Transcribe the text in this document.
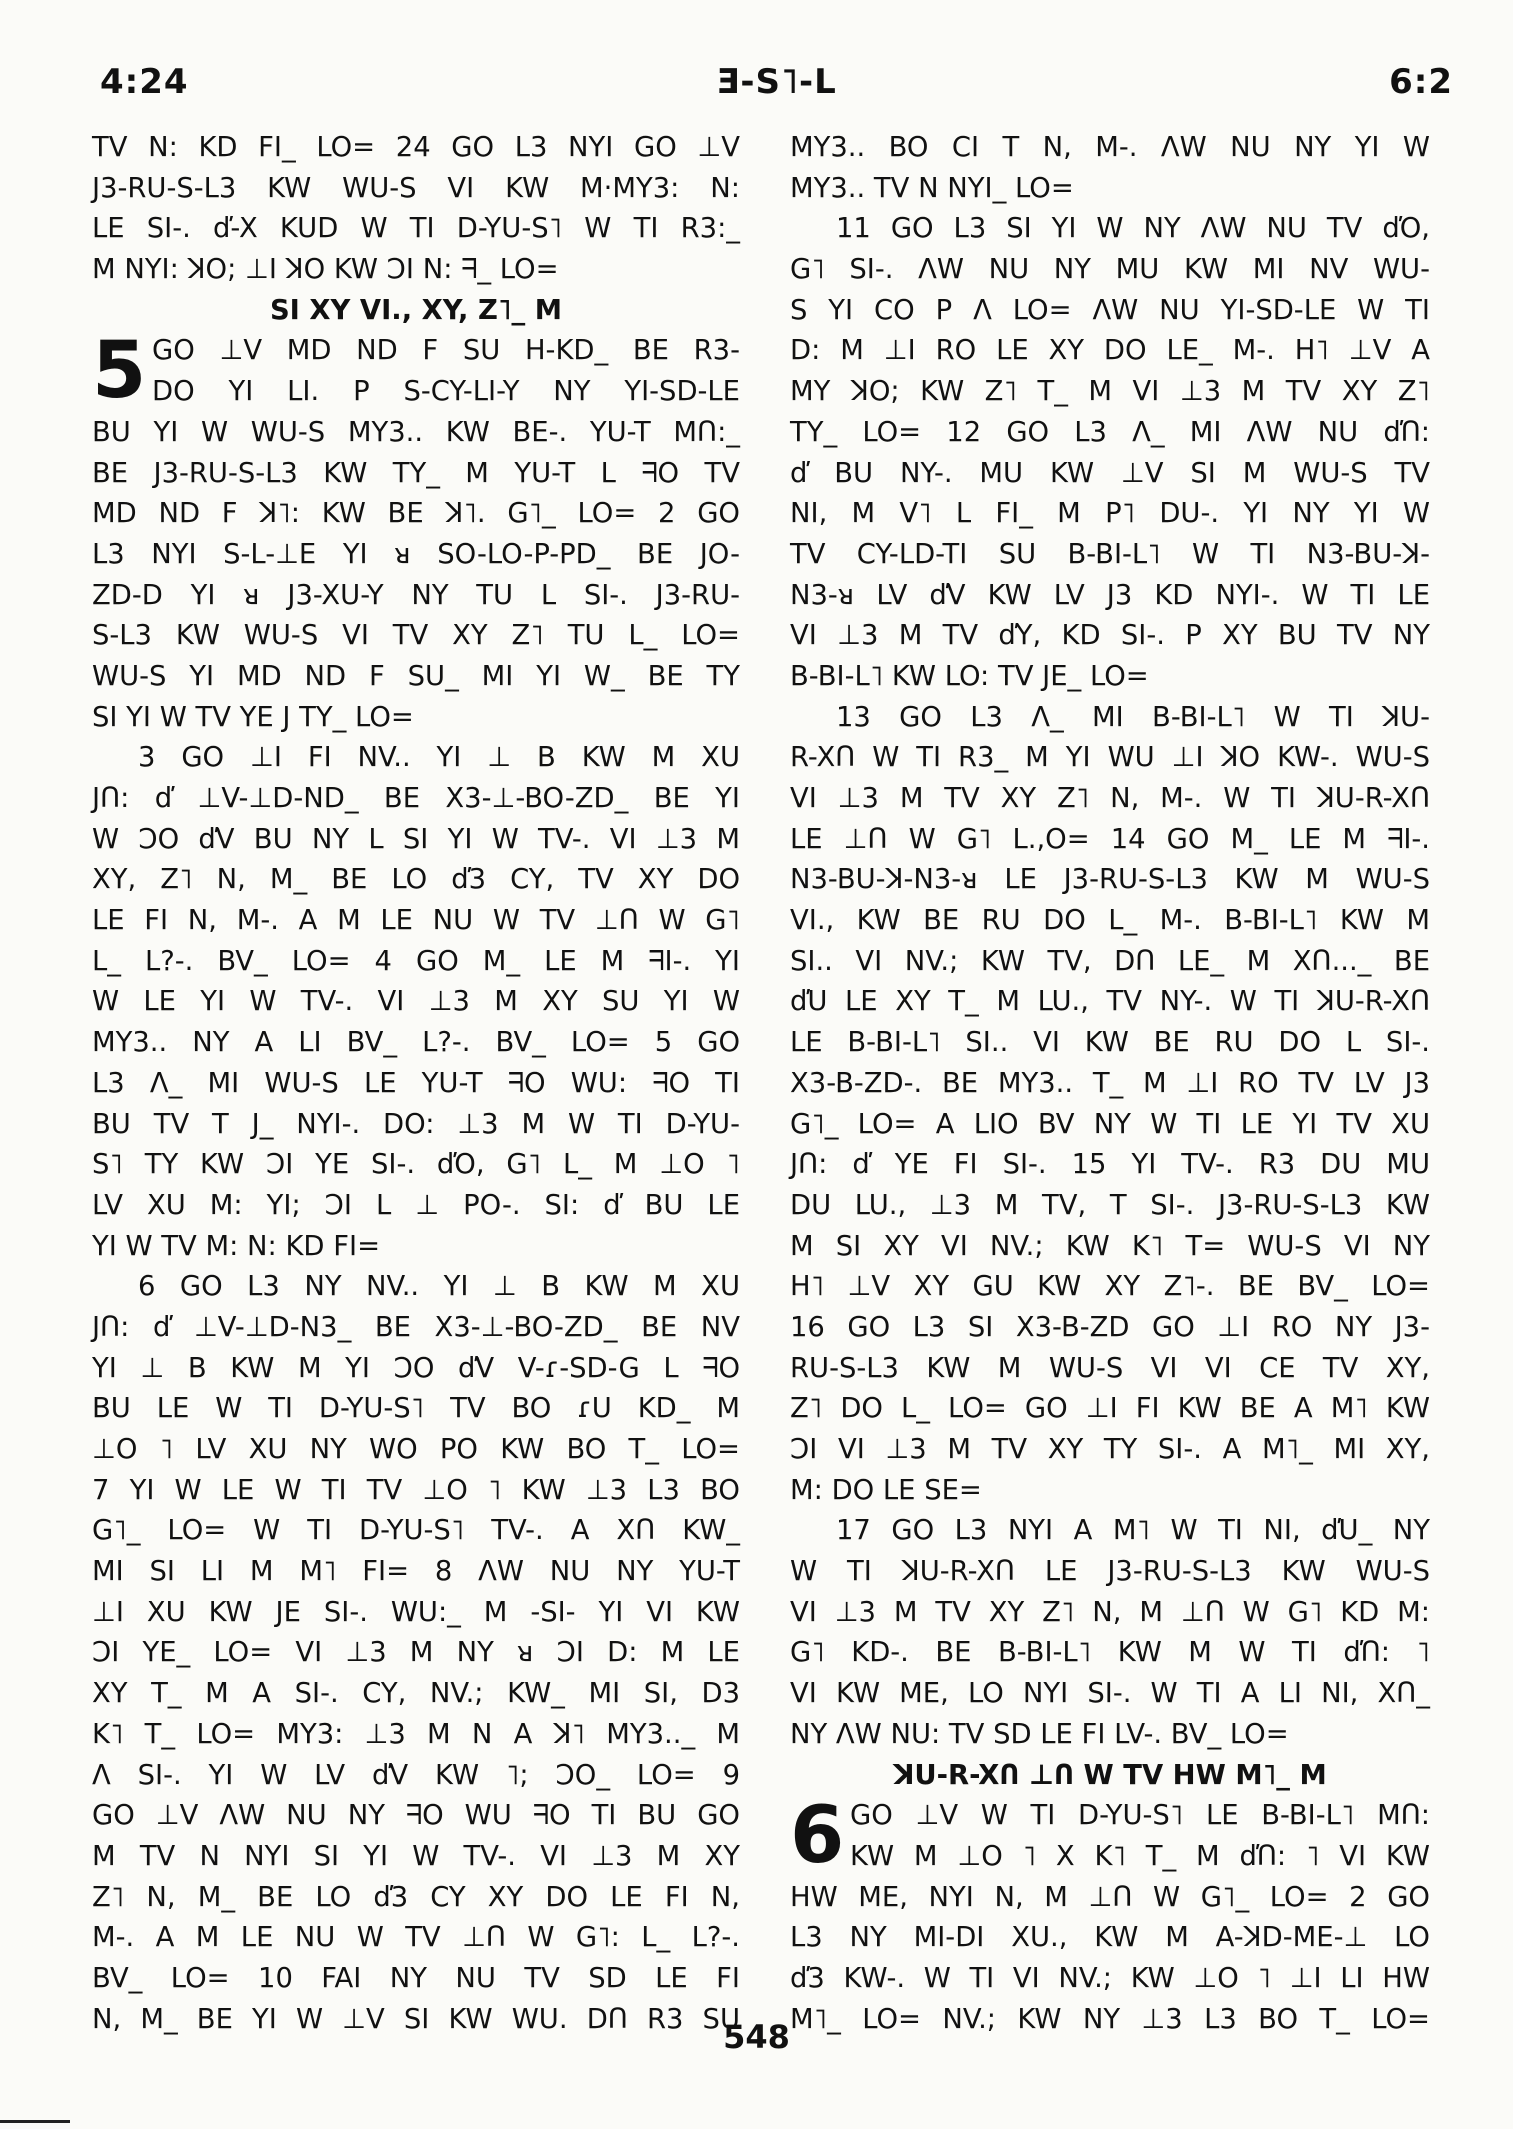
4:24	Ǝ-S˥-L	6:2
TV N: KD FI_ LO= 24 GO L3 NYI GO ⊥V
J3-RU-S-L3 KW WU-S VI KW M·MY3: N:
LE SI-. ď-X KUD W TI D-YU-S˥ W TI R3:_
M NYI: ꓘO; ⊥I ꓘO KW ƆI N: ᖷ_ LO=
SI XY VI., XY, Z˥_ M
5 GO ⊥V MD ND F SU H-KD_ BE R3-
DO YI LI. P S-CY-LI-Y NY YI-SD-LE
BU YI W WU-S MY3.. KW BE-. YU-T MՈ:_
BE J3-RU-S-L3 KW TY_ M YU-T L ᖷO TV
MD ND F ꓘ˥: KW BE ꓘ˥. G˥_ LO= 2 GO
L3 NYI S-L-⊥E YI ᴚ SO-LO-P-PD_ BE JO-
ZD-D YI ᴚ J3-XU-Y NY TU L SI-. J3-RU-
S-L3 KW WU-S VI TV XY Z˥ TU L_ LO=
WU-S YI MD ND F SU_ MI YI W_ BE TY
SI YI W TV YE J TY_ LO=
3 GO ⊥I FI NV.. YI ⊥ B KW M XU
JՈ: ď ⊥V-⊥D-ND_ BE X3-⊥-BO-ZD_ BE YI
W ƆO ďV BU NY L SI YI W TV-. VI ⊥3 M
XY, Z˥ N, M_ BE LO ď3 CY, TV XY DO
LE FI N, M-. A M LE NU W TV ⊥Ո W G˥
L_ L?-. BV_ LO= 4 GO M_ LE M ᖷI-. YI
W LE YI W TV-. VI ⊥3 M XY SU YI W
MY3.. NY A LI BV_ L?-. BV_ LO= 5 GO
L3 Λ_ MI WU-S LE YU-T ᖷO WU: ᖷO TI
BU TV T J_ NYI-. DO: ⊥3 M W TI D-YU-
S˥ TY KW ƆI YE SI-. ďO, G˥ L_ M ⊥O ˥
LV XU M: YI; ƆI L ⊥ PO-. SI: ď BU LE
YI W TV M: N: KD FI=
6 GO L3 NY NV.. YI ⊥ B KW M XU
JՈ: ď ⊥V-⊥D-N3_ BE X3-⊥-BO-ZD_ BE NV
YI ⊥ B KW M YI ƆO ďV V-ɾ-SD-G L ᖷO
BU LE W TI D-YU-S˥ TV BO ɾU KD_ M
⊥O ˥ LV XU NY WO PO KW BO T_ LO=
7 YI W LE W TI TV ⊥O ˥ KW ⊥3 L3 BO
G˥_ LO= W TI D-YU-S˥ TV-. A XՈ KW_
MI SI LI M M˥ FI= 8 ΛW NU NY YU-T
⊥I XU KW JE SI-. WU:_ M -SI- YI VI KW
ƆI YE_ LO= VI ⊥3 M NY ᴚ ƆI D: M LE
XY T_ M A SI-. CY, NV.; KW_ MI SI, D3
K˥ T_ LO= MY3: ⊥3 M N A ꓘ˥ MY3.._ M
Λ SI-. YI W LV ďV KW ˥; ƆO_ LO= 9
GO ⊥V ΛW NU NY ᖷO WU ᖷO TI BU GO
M TV N NYI SI YI W TV-. VI ⊥3 M XY
Z˥ N, M_ BE LO ď3 CY XY DO LE FI N,
M-. A M LE NU W TV ⊥Ո W G˥: L_ L?-.
BV_ LO= 10 FAI NY NU TV SD LE FI
N, M_ BE YI W ⊥V SI KW WU. DՈ R3 SU
MY3.. BO CI T N, M-. ΛW NU NY YI W
MY3.. TV N NYI_ LO=
11 GO L3 SI YI W NY ΛW NU TV ďO,
G˥ SI-. ΛW NU NY MU KW MI NV WU-
S YI CO P Λ LO= ΛW NU YI-SD-LE W TI
D: M ⊥I RO LE XY DO LE_ M-. H˥ ⊥V A
MY ꓘO; KW Z˥ T_ M VI ⊥3 M TV XY Z˥
TY_ LO= 12 GO L3 Λ_ MI ΛW NU ďՈ:
ď BU NY-. MU KW ⊥V SI M WU-S TV
NI, M V˥ L FI_ M P˥ DU-. YI NY YI W
TV CY-LD-TI SU B-BI-L˥ W TI N3-BU-ꓘ-
N3-ᴚ LV ďV KW LV J3 KD NYI-. W TI LE
VI ⊥3 M TV ďY, KD SI-. P XY BU TV NY
B-BI-L˥ KW LO: TV JE_ LO=
13 GO L3 Λ_ MI B-BI-L˥ W TI ꓘU-
R-XՈ W TI R3_ M YI WU ⊥I ꓘO KW-. WU-S
VI ⊥3 M TV XY Z˥ N, M-. W TI ꓘU-R-XՈ
LE ⊥Ո W G˥ L.,O= 14 GO M_ LE M ᖷI-.
N3-BU-ꓘ-N3-ᴚ LE J3-RU-S-L3 KW M WU-S
VI., KW BE RU DO L_ M-. B-BI-L˥ KW M
SI.. VI NV.; KW TV, DՈ LE_ M XՈ..._ BE
ďU LE XY T_ M LU., TV NY-. W TI ꓘU-R-XՈ
LE B-BI-L˥ SI.. VI KW BE RU DO L SI-.
X3-B-ZD-. BE MY3.. T_ M ⊥I RO TV LV J3
G˥_ LO= A LIO BV NY W TI LE YI TV XU
JՈ: ď YE FI SI-. 15 YI TV-. R3 DU MU
DU LU., ⊥3 M TV, T SI-. J3-RU-S-L3 KW
M SI XY VI NV.; KW K˥ T= WU-S VI NY
H˥ ⊥V XY GU KW XY Z˥-. BE BV_ LO=
16 GO L3 SI X3-B-ZD GO ⊥I RO NY J3-
RU-S-L3 KW M WU-S VI VI CE TV XY,
Z˥ DO L_ LO= GO ⊥I FI KW BE A M˥ KW
ƆI VI ⊥3 M TV XY TY SI-. A M˥_ MI XY,
M: DO LE SE=
17 GO L3 NYI A M˥ W TI NI, ďU_ NY
W TI ꓘU-R-XՈ LE J3-RU-S-L3 KW WU-S
VI ⊥3 M TV XY Z˥ N, M ⊥Ո W G˥ KD M:
G˥ KD-. BE B-BI-L˥ KW M W TI ďՈ: ˥
VI KW ME, LO NYI SI-. W TI A LI NI, XՈ_
NY ΛW NU: TV SD LE FI LV-. BV_ LO=
ꓘU-R-XՈ ⊥Ո W TV HW M˥_ M
6 GO ⊥V W TI D-YU-S˥ LE B-BI-L˥ MՈ:
KW M ⊥O ˥ X K˥ T_ M ďՈ: ˥ VI KW
HW ME, NYI N, M ⊥Ո W G˥_ LO= 2 GO
L3 NY MI-DI XU., KW M A-ꓘD-ME-⊥ LO
ď3 KW-. W TI VI NV.; KW ⊥O ˥ ⊥I LI HW
M˥_ LO= NV.; KW NY ⊥3 L3 BO T_ LO=
548
